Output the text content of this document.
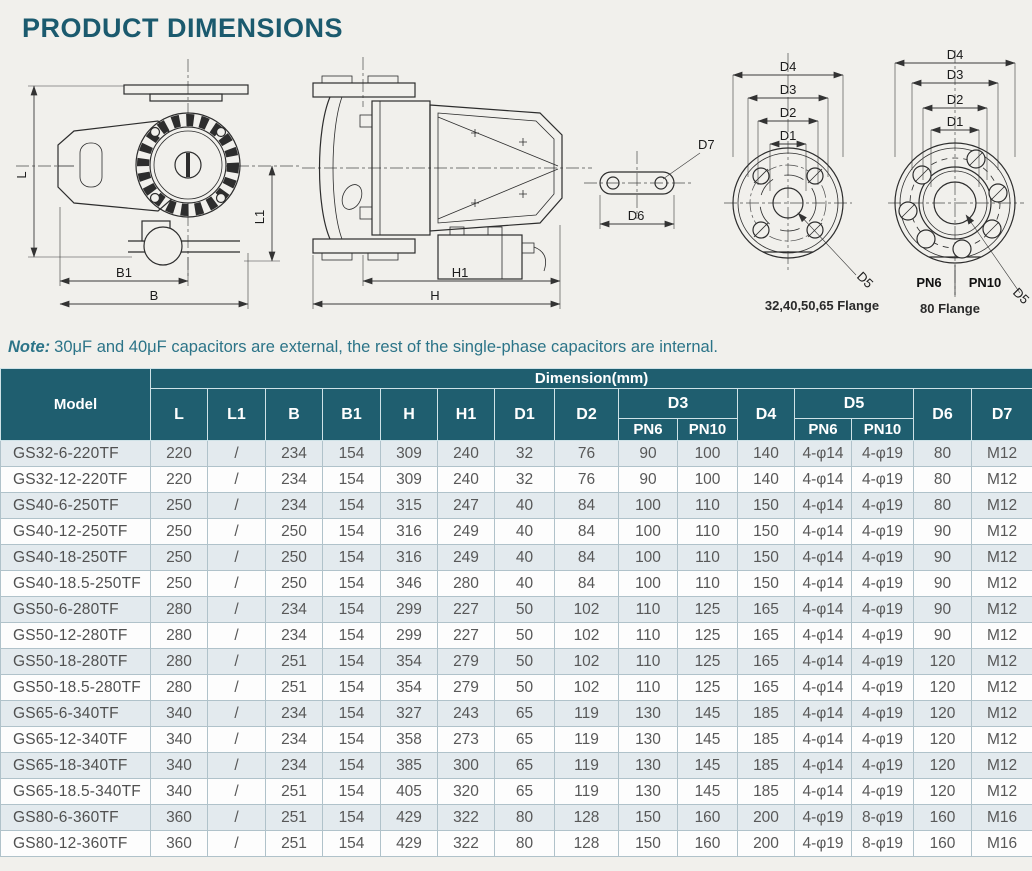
PRODUCT DIMENSIONS
L
L1
B1
B
H1
H
D7
D6
D4
D3
D2
D1
D5
32,40,50,65 Flange
D4
D3
D2
D1
PN6 PN10
D5
80 Flange
Note: 30μF and 40μF capacitors are external, the rest of the single-phase capacitors are internal.
Model	Dimension(mm)														
	L	L1	B	B1	H	H1	D1	D2	D3		D4	D5		D6	D7
									PN6	PN10		PN6	PN10		
GS32-6-220TF	220	/	234	154	309	240	32	76	90	100	140	4-φ14	4-φ19	80	M12
GS32-12-220TF	220	/	234	154	309	240	32	76	90	100	140	4-φ14	4-φ19	80	M12
GS40-6-250TF	250	/	234	154	315	247	40	84	100	110	150	4-φ14	4-φ19	80	M12
GS40-12-250TF	250	/	250	154	316	249	40	84	100	110	150	4-φ14	4-φ19	90	M12
GS40-18-250TF	250	/	250	154	316	249	40	84	100	110	150	4-φ14	4-φ19	90	M12
GS40-18.5-250TF	250	/	250	154	346	280	40	84	100	110	150	4-φ14	4-φ19	90	M12
GS50-6-280TF	280	/	234	154	299	227	50	102	110	125	165	4-φ14	4-φ19	90	M12
GS50-12-280TF	280	/	234	154	299	227	50	102	110	125	165	4-φ14	4-φ19	90	M12
GS50-18-280TF	280	/	251	154	354	279	50	102	110	125	165	4-φ14	4-φ19	120	M12
GS50-18.5-280TF	280	/	251	154	354	279	50	102	110	125	165	4-φ14	4-φ19	120	M12
GS65-6-340TF	340	/	234	154	327	243	65	119	130	145	185	4-φ14	4-φ19	120	M12
GS65-12-340TF	340	/	234	154	358	273	65	119	130	145	185	4-φ14	4-φ19	120	M12
GS65-18-340TF	340	/	234	154	385	300	65	119	130	145	185	4-φ14	4-φ19	120	M12
GS65-18.5-340TF	340	/	251	154	405	320	65	119	130	145	185	4-φ14	4-φ19	120	M12
GS80-6-360TF	360	/	251	154	429	322	80	128	150	160	200	4-φ19	8-φ19	160	M16
GS80-12-360TF	360	/	251	154	429	322	80	128	150	160	200	4-φ19	8-φ19	160	M16
